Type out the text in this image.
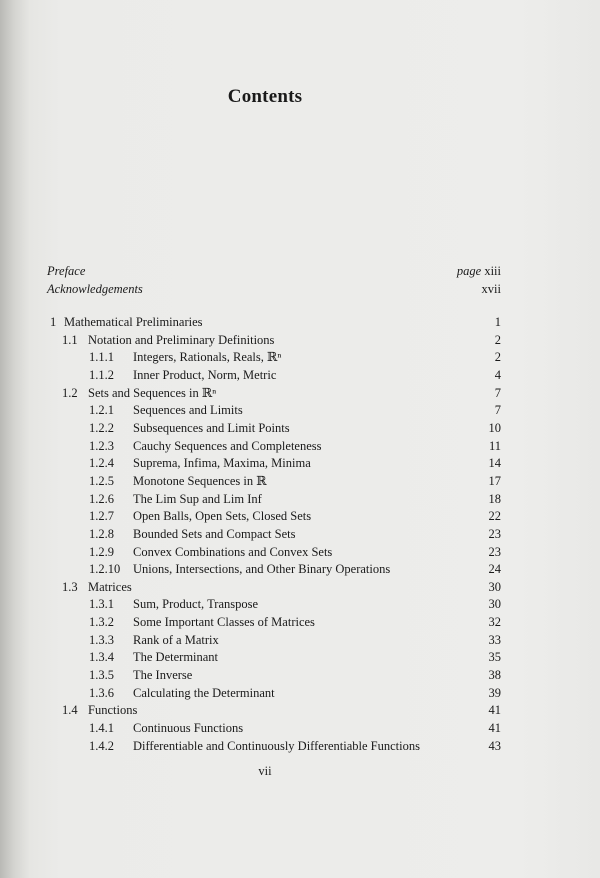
Contents
Preface	page xiii
Acknowledgements	xvii
1 Mathematical Preliminaries	1
1.1 Notation and Preliminary Definitions	2
1.1.1 Integers, Rationals, Reals, ℝⁿ	2
1.1.2 Inner Product, Norm, Metric	4
1.2 Sets and Sequences in ℝⁿ	7
1.2.1 Sequences and Limits	7
1.2.2 Subsequences and Limit Points	10
1.2.3 Cauchy Sequences and Completeness	11
1.2.4 Suprema, Infima, Maxima, Minima	14
1.2.5 Monotone Sequences in ℝ	17
1.2.6 The Lim Sup and Lim Inf	18
1.2.7 Open Balls, Open Sets, Closed Sets	22
1.2.8 Bounded Sets and Compact Sets	23
1.2.9 Convex Combinations and Convex Sets	23
1.2.10 Unions, Intersections, and Other Binary Operations	24
1.3 Matrices	30
1.3.1 Sum, Product, Transpose	30
1.3.2 Some Important Classes of Matrices	32
1.3.3 Rank of a Matrix	33
1.3.4 The Determinant	35
1.3.5 The Inverse	38
1.3.6 Calculating the Determinant	39
1.4 Functions	41
1.4.1 Continuous Functions	41
1.4.2 Differentiable and Continuously Differentiable Functions	43
vii
